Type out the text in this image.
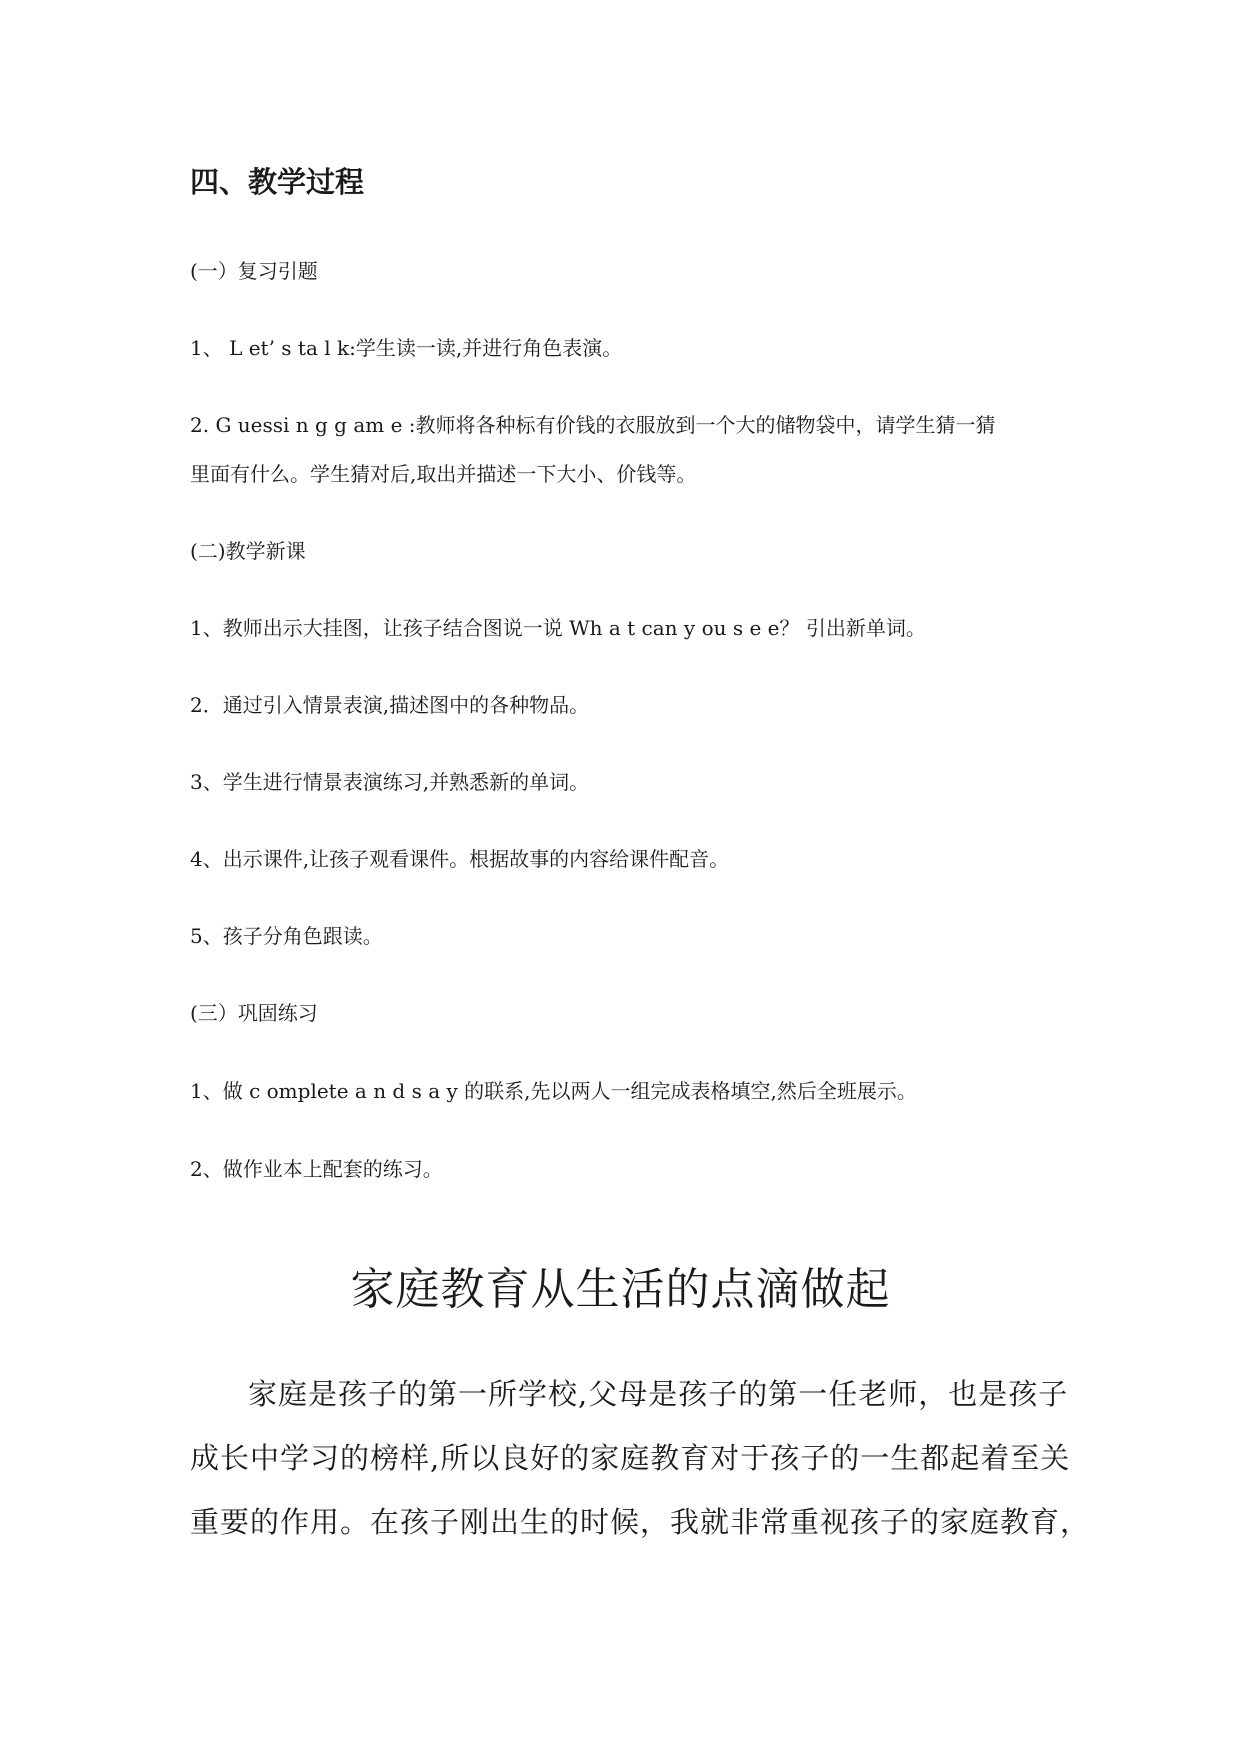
四、教学过程
(一）复习引题
1、 L et’ s ta l k:学生读一读,并进行角色表演。
2. G uessi n g g am e :教师将各种标有价钱的衣服放到一个大的储物袋中，请学生猜一猜
里面有什么。学生猜对后,取出并描述一下大小、价钱等。
(二)教学新课
1、教师出示大挂图，让孩子结合图说一说 Wh a t can y ou s e e？ 引出新单词。
2．通过引入情景表演,描述图中的各种物品。
3、学生进行情景表演练习,并熟悉新的单词。
4、出示课件,让孩子观看课件。根据故事的内容给课件配音。
5、孩子分角色跟读。
(三）巩固练习
1、做 c omplete a n d s a y 的联系,先以两人一组完成表格填空,然后全班展示。
2、做作业本上配套的练习。
家庭教育从生活的点滴做起
家庭是孩子的第一所学校,父母是孩子的第一任老师，也是孩子
成长中学习的榜样,所以良好的家庭教育对于孩子的一生都起着至关
重要的作用。在孩子刚出生的时候，我就非常重视孩子的家庭教育，
